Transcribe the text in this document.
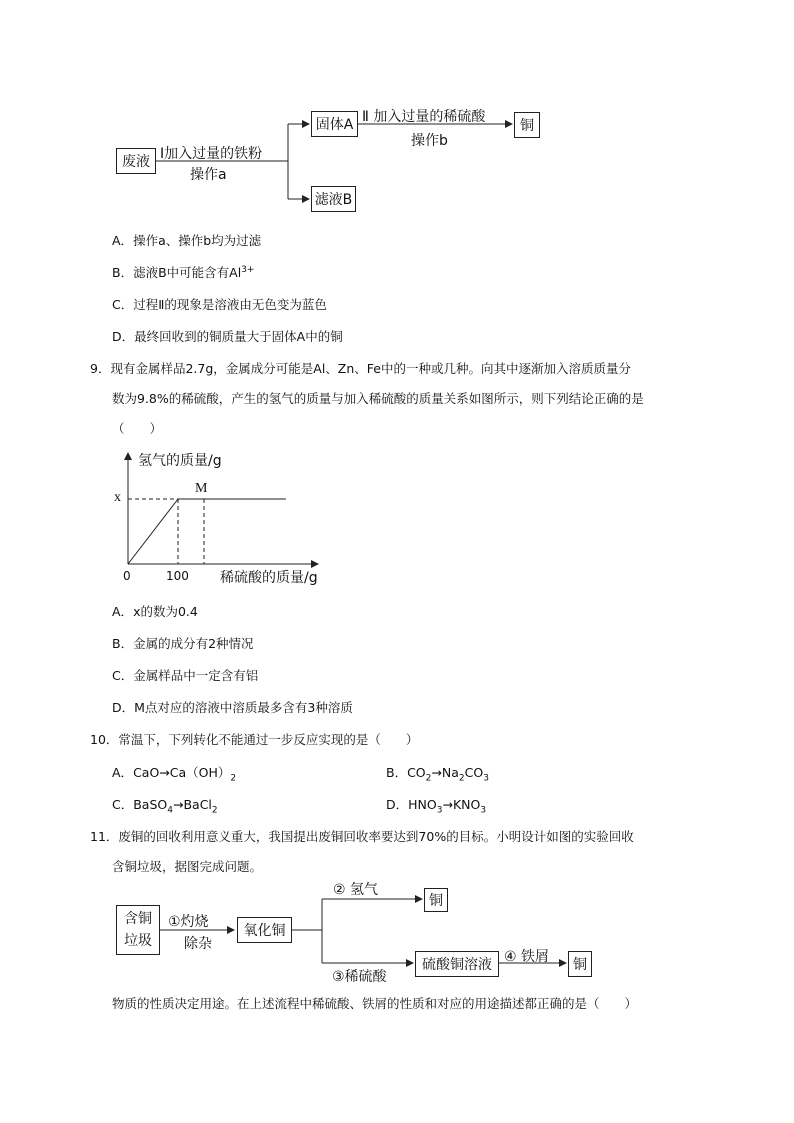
废液 Ⅰ加入过量的铁粉
操作a
固体A Ⅱ 加入过量的稀硫酸
操作b
铜
滤液B
A．操作a、操作b均为过滤
B．滤液B中可能含有$Al^{3+}$
C．过程Ⅱ的现象是溶液由无色变为蓝色
D．最终回收到的铜质量大于固体A中的铜
9．现有金属样品2.7g，金属成分可能是Al、Zn、Fe中的一种或几种。向其中逐渐加入溶质质量分
数为9.8%的稀硫酸，产生的氢气的质量与加入稀硫酸的质量关系如图所示，则下列结论正确的是
（　　）
氢气的质量/g
x
M
0	100 稀硫酸的质量/g
A．x的数为0.4
B．金属的成分有2种情况
C．金属样品中一定含有铝
D．M点对应的溶液中溶质最多含有3种溶质
10．常温下，下列转化不能通过一步反应实现的是（　　）
A．$CaO\to Ca(OH)_2$	B．$CO_2\to Na_2CO_3$
C．BaSO$_4$→BaCl$_2$	D．$HNO_3\to KNO_3$
11．废铜的回收利用意义重大，我国提出废铜回收率要达到70%的目标。小明设计如图的实验回收
含铜垃圾，据图完成问题。
含铜
垃圾
①灼烧
除杂
氧化铜
② 氢气
铜
③稀硫酸
硫酸铜溶液 ④ 铁屑	铜
物质的性质决定用途。在上述流程中稀硫酸、铁屑的性质和对应的用途描述都正确的是（　　）
